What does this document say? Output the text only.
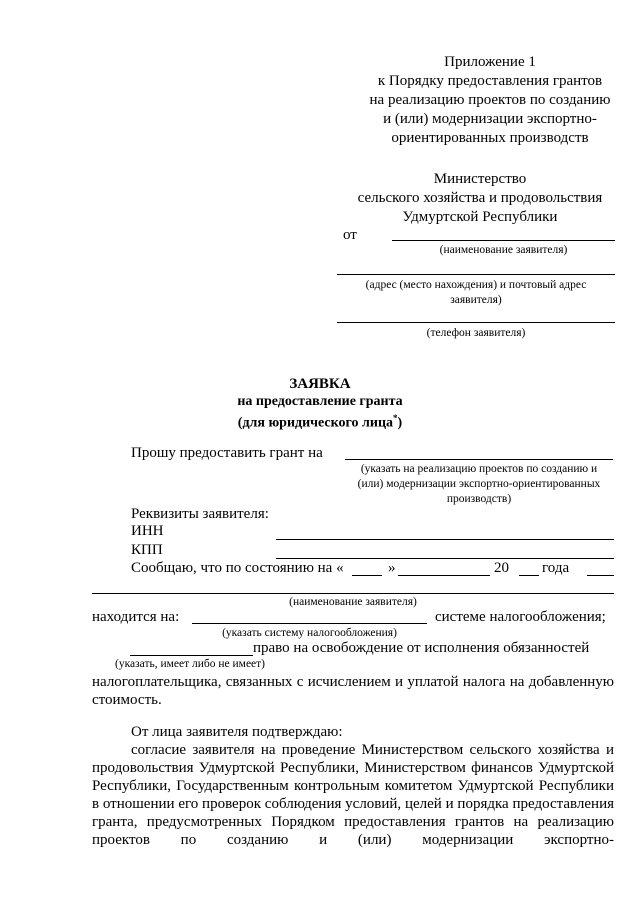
Приложение 1
к Порядку предоставления грантов
на реализацию проектов по созданию
и (или) модернизации экспортно-
ориентированных производств
Министерство
сельского хозяйства и продовольствия
Удмуртской Республики
от
(наименование заявителя)
(адрес (место нахождения) и почтовый адрес
заявителя)
(телефон заявителя)
ЗАЯВКА
на предоставление гранта
(для юридического лица*)
Прошу предоставить грант на
(указать на реализацию проектов по созданию и
(или) модернизации экспортно-ориентированных
производств)
Реквизиты заявителя:
ИНН
КПП
Сообщаю, что по состоянию на «	»	20 года
(наименование заявителя)
находится на:	системе налогообложения;
(указать систему налогообложения)
право на освобождение от исполнения обязанностей
(указать, имеет либо не имеет)
налогоплательщика, связанных с исчислением и уплатой налога на добавленную стоимость.
От лица заявителя подтверждаю:
согласие заявителя на проведение Министерством сельского хозяйства и продовольствия Удмуртской Республики, Министерством финансов Удмуртской Республики, Государственным контрольным комитетом Удмуртской Республики в отношении его проверок соблюдения условий, целей и порядка предоставления гранта, предусмотренных Порядком предоставления грантов на реализацию проектов по созданию и (или) модернизации экспортно-
